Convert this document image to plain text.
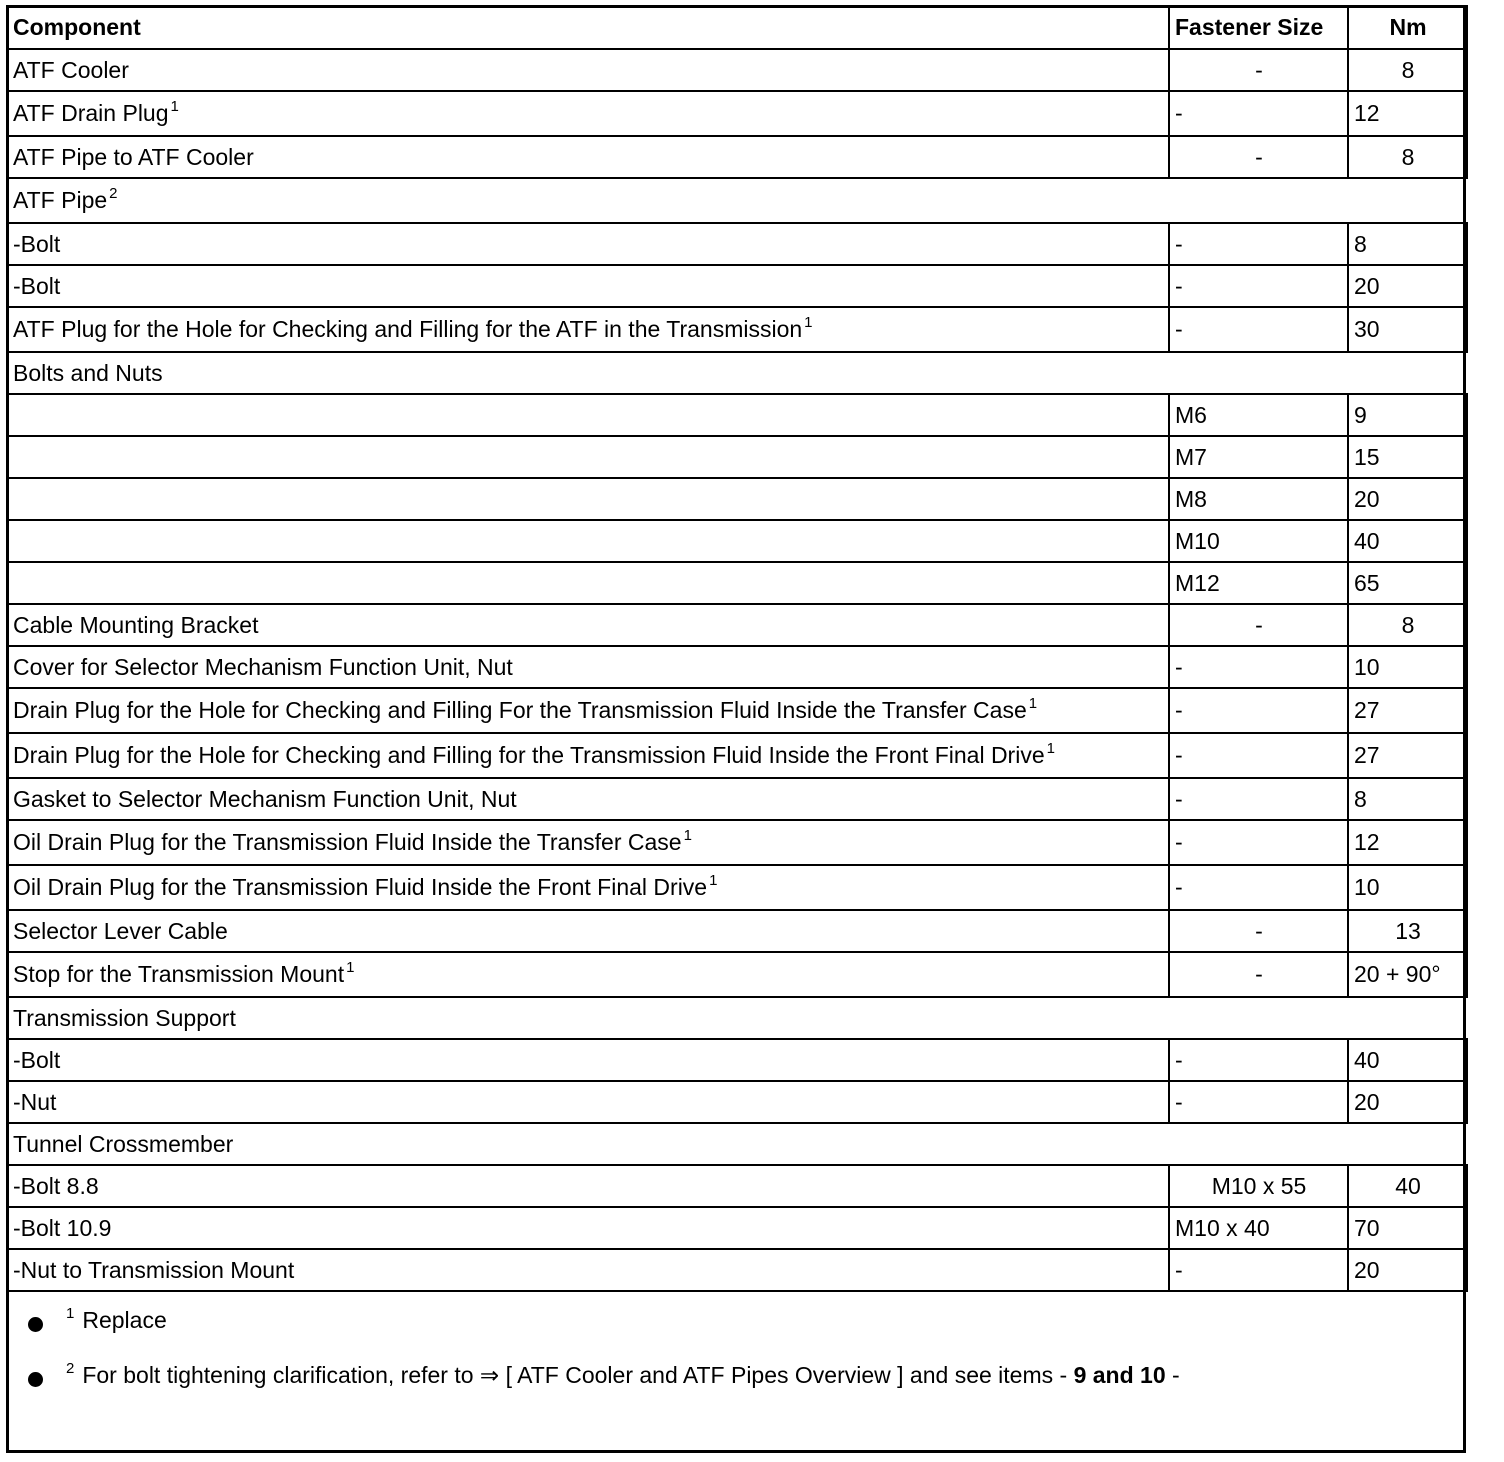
Component	Fastener Size	Nm
ATF Cooler	-	8
ATF Drain Plug $^1$	-	12
ATF Pipe to ATF Cooler	-	8
ATF Pipe $^2$
-Bolt	-	8
-Bolt	-	20
ATF Plug for the Hole for Checking and Filling for the ATF in the Transmission $^1$	-	30
Bolts and Nuts		
	M6	9
	M7	15
	M8	20
	M10	40
	M12	65
Cable Mounting Bracket	-	8
Cover for Selector Mechanism Function Unit, Nut	-	10
Drain Plug for the Hole for Checking and Filling For the Transmission Fluid Inside the Transfer Case $^1$	-	27
Drain Plug for the Hole for Checking and Filling for the Transmission Fluid Inside the Front Final Drive $^1$	-	27
Gasket to Selector Mechanism Function Unit, Nut	-	8
Oil Drain Plug for the Transmission Fluid Inside the Transfer Case $^1$	-	12
Oil Drain Plug for the Transmission Fluid Inside the Front Final Drive $^1$	-	10
Selector Lever Cable	-	13
Stop for the Transmission Mount $^1$	-	20 + 90°
Transmission Support		
-Bolt	-	40
-Nut	-	20
Tunnel Crossmember		
-Bolt 8.8	M10 x 55	40
-Bolt 10.9	M10 x 40	70
-Nut to Transmission Mount	-	20
$^1$ Replace
$^2$ For bolt tightening clarification, refer to ⇒ [ ATF Cooler and ATF Pipes Overview ] and see items - 9 and 10 -
